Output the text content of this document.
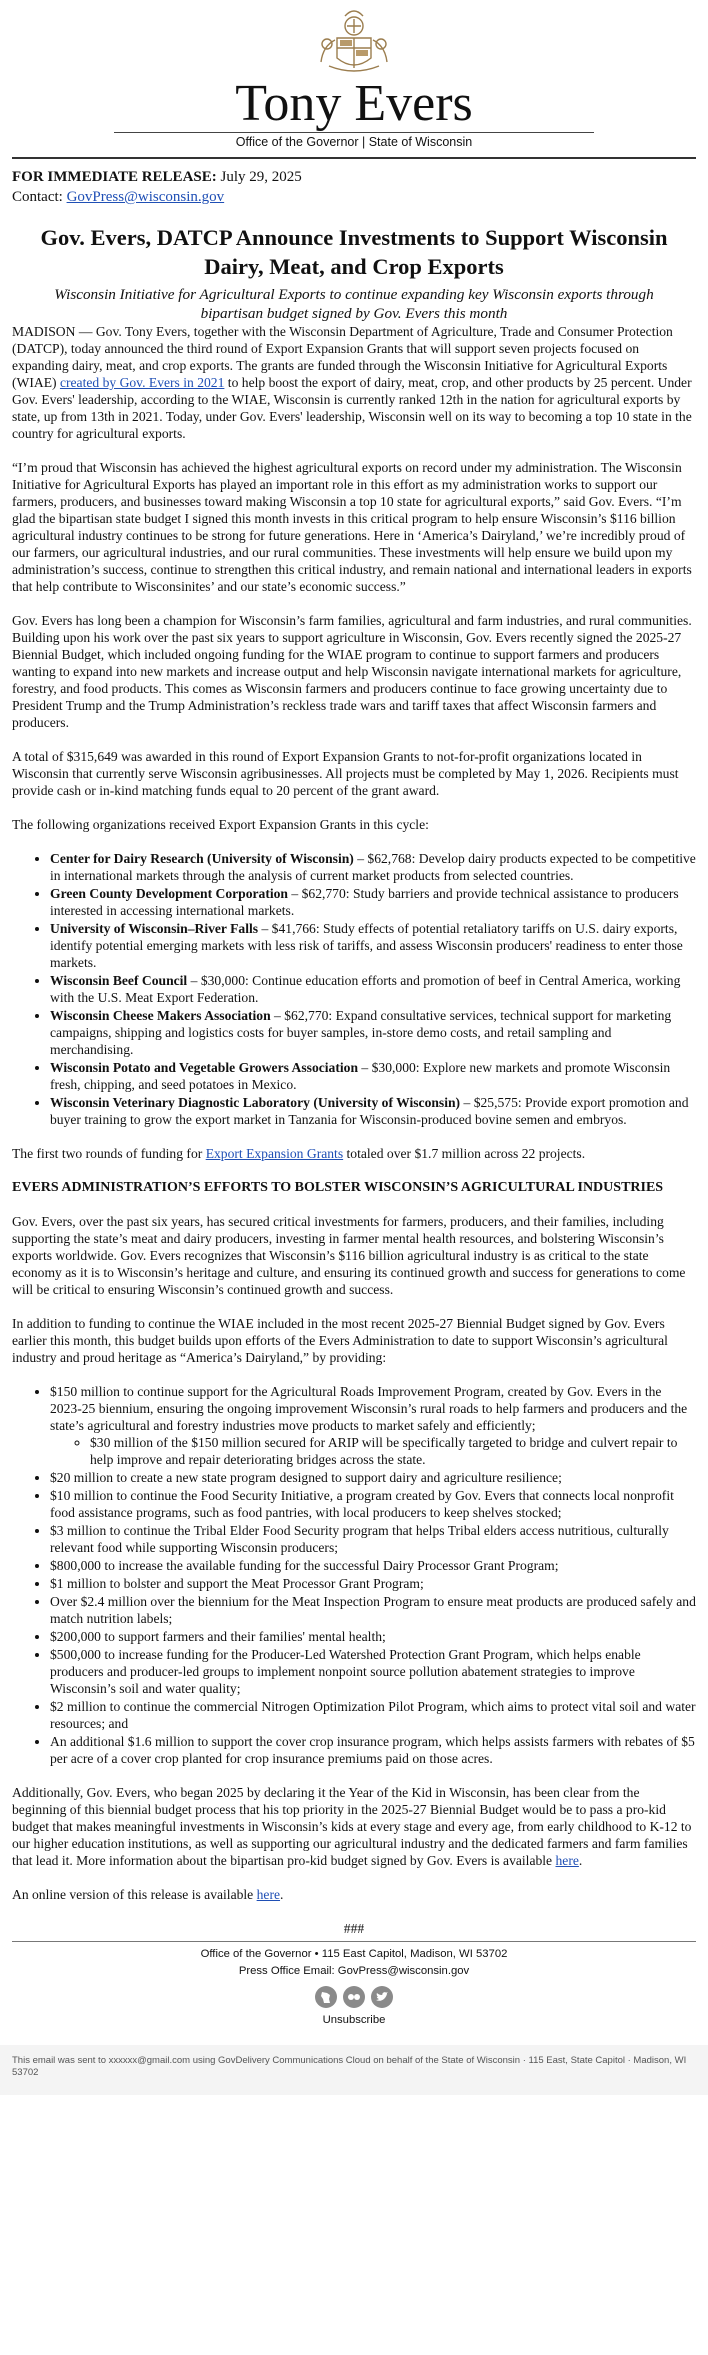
Tony Evers
Office of the Governor | State of Wisconsin
FOR IMMEDIATE RELEASE: July 29, 2025
Contact: GovPress@wisconsin.gov
Gov. Evers, DATCP Announce Investments to Support Wisconsin Dairy, Meat, and Crop Exports
Wisconsin Initiative for Agricultural Exports to continue expanding key Wisconsin exports through bipartisan budget signed by Gov. Evers this month

MADISON — Gov. Tony Evers, together with the Wisconsin Department of Agriculture, Trade and Consumer Protection (DATCP), today announced the third round of Export Expansion Grants that will support seven projects focused on expanding dairy, meat, and crop exports. The grants are funded through the Wisconsin Initiative for Agricultural Exports (WIAE) created by Gov. Evers in 2021 to help boost the export of dairy, meat, crop, and other products by 25 percent. Under Gov. Evers' leadership, according to the WIAE, Wisconsin is currently ranked 12th in the nation for agricultural exports by state, up from 13th in 2021. Today, under Gov. Evers' leadership, Wisconsin well on its way to becoming a top 10 state in the country for agricultural exports.

“I’m proud that Wisconsin has achieved the highest agricultural exports on record under my administration. The Wisconsin Initiative for Agricultural Exports has played an important role in this effort as my administration works to support our farmers, producers, and businesses toward making Wisconsin a top 10 state for agricultural exports,” said Gov. Evers. “I’m glad the bipartisan state budget I signed this month invests in this critical program to help ensure Wisconsin’s $116 billion agricultural industry continues to be strong for future generations. Here in ‘America’s Dairyland,’ we’re incredibly proud of our farmers, our agricultural industries, and our rural communities. These investments will help ensure we build upon my administration’s success, continue to strengthen this critical industry, and remain national and international leaders in exports that help contribute to Wisconsinites’ and our state’s economic success.”

Gov. Evers has long been a champion for Wisconsin’s farm families, agricultural and farm industries, and rural communities. Building upon his work over the past six years to support agriculture in Wisconsin, Gov. Evers recently signed the 2025-27 Biennial Budget, which included ongoing funding for the WIAE program to continue to support farmers and producers wanting to expand into new markets and increase output and help Wisconsin navigate international markets for agriculture, forestry, and food products. This comes as Wisconsin farmers and producers continue to face growing uncertainty due to President Trump and the Trump Administration’s reckless trade wars and tariff taxes that affect Wisconsin farmers and producers.

A total of $315,649 was awarded in this round of Export Expansion Grants to not-for-profit organizations located in Wisconsin that currently serve Wisconsin agribusinesses. All projects must be completed by May 1, 2026. Recipients must provide cash or in-kind matching funds equal to 20 percent of the grant award.

The following organizations received Export Expansion Grants in this cycle:

• Center for Dairy Research (University of Wisconsin) – $62,768: Develop dairy products expected to be competitive in international markets through the analysis of current market products from selected countries.
• Green County Development Corporation – $62,770: Study barriers and provide technical assistance to producers interested in accessing international markets.
• University of Wisconsin–River Falls – $41,766: Study effects of potential retaliatory tariffs on U.S. dairy exports, identify potential emerging markets with less risk of tariffs, and assess Wisconsin producers' readiness to enter those markets.
• Wisconsin Beef Council – $30,000: Continue education efforts and promotion of beef in Central America, working with the U.S. Meat Export Federation.
• Wisconsin Cheese Makers Association – $62,770: Expand consultative services, technical support for marketing campaigns, shipping and logistics costs for buyer samples, in-store demo costs, and retail sampling and merchandising.
• Wisconsin Potato and Vegetable Growers Association – $30,000: Explore new markets and promote Wisconsin fresh, chipping, and seed potatoes in Mexico.
• Wisconsin Veterinary Diagnostic Laboratory (University of Wisconsin) – $25,575: Provide export promotion and buyer training to grow the export market in Tanzania for Wisconsin-produced bovine semen and embryos.

The first two rounds of funding for Export Expansion Grants totaled over $1.7 million across 22 projects.

EVERS ADMINISTRATION’S EFFORTS TO BOLSTER WISCONSIN’S AGRICULTURAL INDUSTRIES

Gov. Evers, over the past six years, has secured critical investments for farmers, producers, and their families, including supporting the state’s meat and dairy producers, investing in farmer mental health resources, and bolstering Wisconsin’s exports worldwide. Gov. Evers recognizes that Wisconsin’s $116 billion agricultural industry is as critical to the state economy as it is to Wisconsin’s heritage and culture, and ensuring its continued growth and success for generations to come will be critical to ensuring Wisconsin’s continued growth and success.

In addition to funding to continue the WIAE included in the most recent 2025-27 Biennial Budget signed by Gov. Evers earlier this month, this budget builds upon efforts of the Evers Administration to date to support Wisconsin’s agricultural industry and proud heritage as “America’s Dairyland,” by providing:

• $150 million to continue support for the Agricultural Roads Improvement Program, created by Gov. Evers in the 2023-25 biennium, ensuring the ongoing improvement Wisconsin’s rural roads to help farmers and producers and the state’s agricultural and forestry industries move products to market safely and efficiently;
◦ $30 million of the $150 million secured for ARIP will be specifically targeted to bridge and culvert repair to help improve and repair deteriorating bridges across the state.
• $20 million to create a new state program designed to support dairy and agriculture resilience;
• $10 million to continue the Food Security Initiative, a program created by Gov. Evers that connects local nonprofit food assistance programs, such as food pantries, with local producers to keep shelves stocked;
• $3 million to continue the Tribal Elder Food Security program that helps Tribal elders access nutritious, culturally relevant food while supporting Wisconsin producers;
• $800,000 to increase the available funding for the successful Dairy Processor Grant Program;
• $1 million to bolster and support the Meat Processor Grant Program;
• Over $2.4 million over the biennium for the Meat Inspection Program to ensure meat products are produced safely and match nutrition labels;
• $200,000 to support farmers and their families' mental health;
• $500,000 to increase funding for the Producer-Led Watershed Protection Grant Program, which helps enable producers and producer-led groups to implement nonpoint source pollution abatement strategies to improve Wisconsin’s soil and water quality;
• $2 million to continue the commercial Nitrogen Optimization Pilot Program, which aims to protect vital soil and water resources; and
• An additional $1.6 million to support the cover crop insurance program, which helps assists farmers with rebates of $5 per acre of a cover crop planted for crop insurance premiums paid on those acres.

Additionally, Gov. Evers, who began 2025 by declaring it the Year of the Kid in Wisconsin, has been clear from the beginning of this biennial budget process that his top priority in the 2025-27 Biennial Budget would be to pass a pro-kid budget that makes meaningful investments in Wisconsin’s kids at every stage and every age, from early childhood to K-12 to our higher education institutions, as well as supporting our agricultural industry and the dedicated farmers and farm families that lead it. More information about the bipartisan pro-kid budget signed by Gov. Evers is available here.

An online version of this release is available here.

###

Office of the Governor • 115 East Capitol, Madison, WI 53702
Press Office Email: GovPress@wisconsin.gov
Unsubscribe
This email was sent to xxxxxx@gmail.com using GovDelivery Communications Cloud on behalf of the State of Wisconsin · 115 East, State Capitol · Madison, WI 53702
